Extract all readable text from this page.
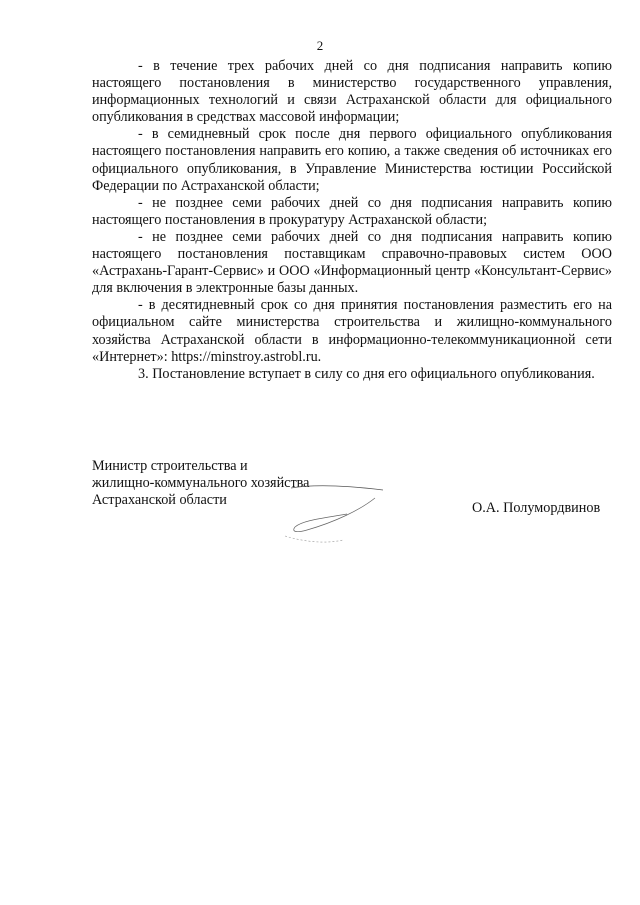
2

- в течение трех рабочих дней со дня подписания направить копию настоящего постановления в министерство государственного управления, информационных технологий и связи Астраханской области для официального опубликования в средствах массовой информации;

- в семидневный срок после дня первого официального опубликования настоящего постановления направить его копию, а также сведения об источниках его официального опубликования, в Управление Министерства юстиции Российской Федерации по Астраханской области;

- не позднее семи рабочих дней со дня подписания направить копию настоящего постановления в прокуратуру Астраханской области;

- не позднее семи рабочих дней со дня подписания направить копию настоящего постановления поставщикам справочно-правовых систем ООО «Астрахань-Гарант-Сервис» и ООО «Информационный центр «Консультант-Сервис» для включения в электронные базы данных.

- в десятидневный срок со дня принятия постановления разместить его на официальном сайте министерства строительства и жилищно-коммунального хозяйства Астраханской области в информационно-телекоммуникационной сети «Интернет»: https://minstroy.astrobl.ru.

3. Постановление вступает в силу со дня его официального опубликования.

Министр строительства и
жилищно-коммунального хозяйства
Астраханской области	О.А. Полумордвинов
